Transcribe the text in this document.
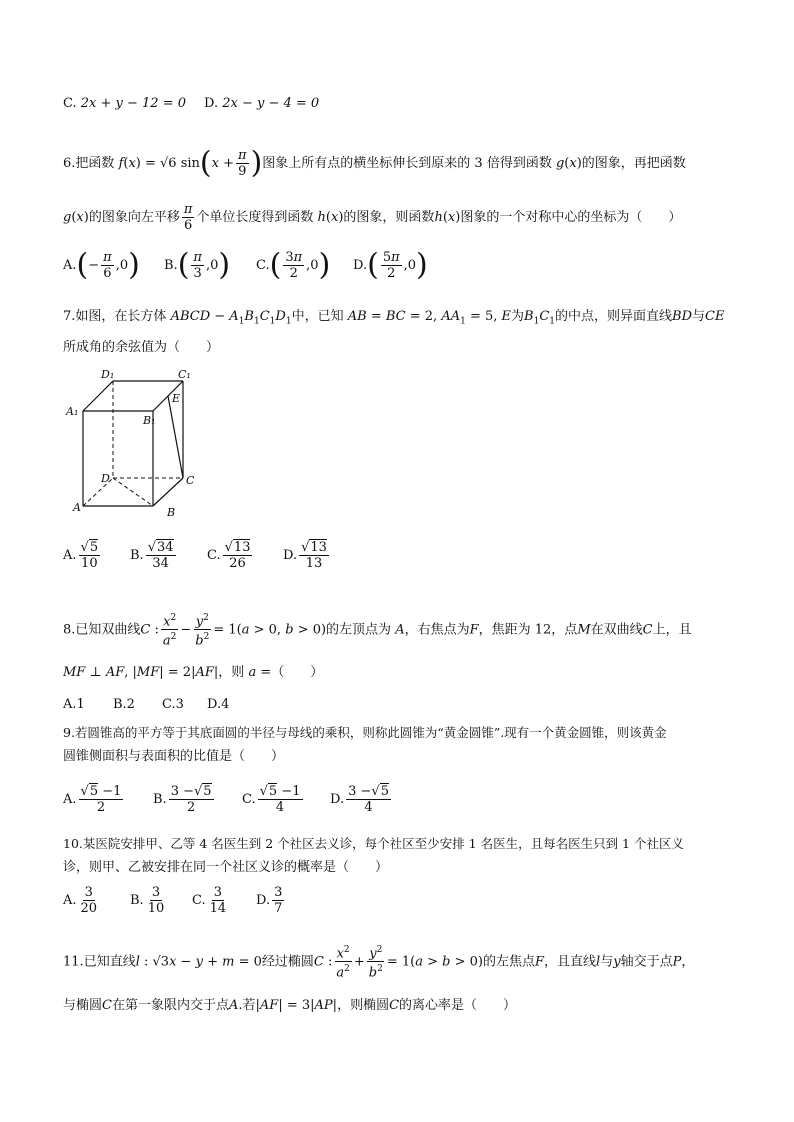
C. 2x + y − 12 = 0 D. 2x − y − 4 = 0
6.把函数 f(x) = √6 $\sin(x + \frac{\pi}{9}$ )图象上所有点的横坐标伸长到原来的 3 倍得到函数 g(x)的图象，再把函数
g(x)的图象向左平移 $\frac{\pi}{6}$ 个单位长度得到函数 h(x)的图象，则函数h(x)图象的一个对称中心的坐标为（　　）
$A.(- \frac{\pi}{6} ,0)$ $B.( \frac{\pi}{3} ,0)$ $C.( \frac{3\pi}{2} ,0)$ $D.( \frac{5\pi}{2} ,0)$
7.如图，在长方体 ABCD − $A_1B_1C_1D_1$中，已知 AB = BC = 2, $AA_1 = 5$, E为$B_1C_1$的中点，则异面直线BD与CE
所成角的余弦值为（　　）
D₁	C₁
A₁
B₁
E
D	C
A	B
A. $\frac{√5}{10} B$. $\frac{√34}{34} C$. $\frac{√13}{26} D$. $\frac{√13}{13}$
8.已知双曲线C : $\frac{x^2}{a^2} - \frac{y^2}{b^2} = 1(a > 0$, b > 0)的左顶点为 A，右焦点为F，焦距为 12，点M在双曲线C上，且
MF ⊥ AF, |MF| = 2|AF|，则 a =（　　）
A.1 B.2 C.3 D.4
9.若圆锥高的平方等于其底面圆的半径与母线的乘积，则称此圆锥为“黄金圆锥”.现有一个黄金圆锥，则该黄金
圆锥侧面积与表面积的比值是（　　）
A. $\frac{√5 -1}{2} B$. $\frac{3 -√5}{2} C$. $\frac{√5 -1}{4} D$. $\frac{3 -√5}{4}$
10.某医院安排甲、乙等 4 名医生到 2 个社区去义诊，每个社区至少安排 1 名医生，且每名医生只到 1 个社区义
诊，则甲、乙被安排在同一个社区义诊的概率是（　　）
A. $\frac{3}{20} B$. $\frac{3}{10} C$. $\frac{3}{14} D$. $\frac{3}{7}$
11.已知直线l : √3x − y + m = 0经过椭圆C : $\frac{x^2}{a^2} + \frac{y^2}{b^2} = 1(a > b > 0)$的左焦点F，且直线l与y轴交于点P，
与椭圆C在第一象限内交于点A.若|AF| = 3|AP|，则椭圆C的离心率是（　　）
